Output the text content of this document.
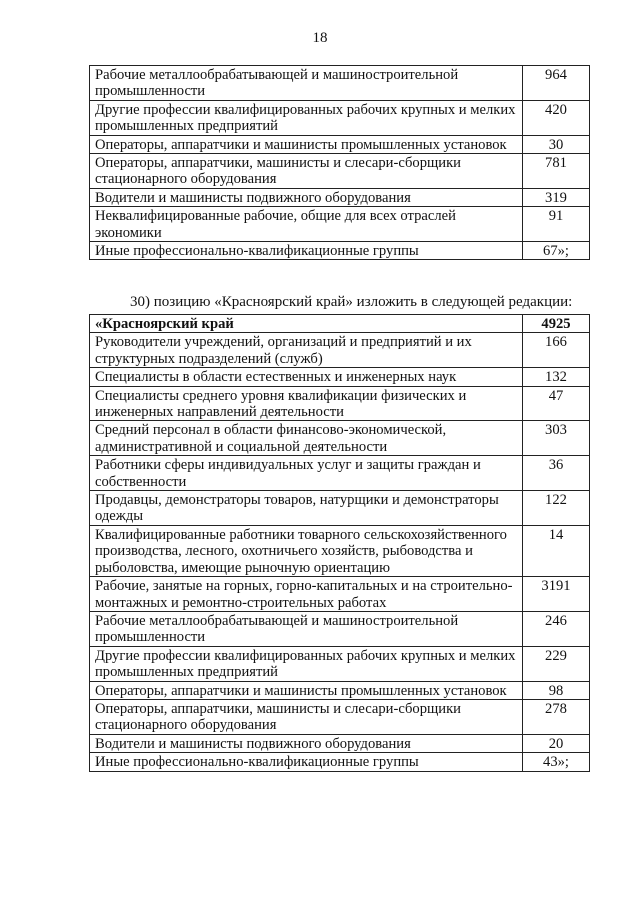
18
Рабочие металлообрабатывающей и машиностроительной промышленности	964
Другие профессии квалифицированных рабочих крупных и мелких промышленных предприятий	420
Операторы, аппаратчики и машинисты промышленных установок	30
Операторы, аппаратчики, машинисты и слесари-сборщики стационарного оборудования	781
Водители и машинисты подвижного оборудования	319
Неквалифицированные рабочие, общие для всех отраслей экономики	91
Иные профессионально-квалификационные группы	67»;
30) позицию «Красноярский край» изложить в следующей редакции:
«Красноярский край	4925
Руководители учреждений, организаций и предприятий и их структурных подразделений (служб)	166
Специалисты в области естественных и инженерных наук	132
Специалисты среднего уровня квалификации физических и инженерных направлений деятельности	47
Средний персонал в области финансово-экономической, административной и социальной деятельности	303
Работники сферы индивидуальных услуг и защиты граждан и собственности	36
Продавцы, демонстраторы товаров, натурщики и демонстраторы одежды	122
Квалифицированные работники товарного сельскохозяйственного производства, лесного, охотничьего хозяйств, рыбоводства и рыболовства, имеющие рыночную ориентацию	14
Рабочие, занятые на горных, горно-капитальных и на строительно-монтажных и ремонтно-строительных работах	3191
Рабочие металлообрабатывающей и машиностроительной промышленности	246
Другие профессии квалифицированных рабочих крупных и мелких промышленных предприятий	229
Операторы, аппаратчики и машинисты промышленных установок	98
Операторы, аппаратчики, машинисты и слесари-сборщики стационарного оборудования	278
Водители и машинисты подвижного оборудования	20
Иные профессионально-квалификационные группы	43»;
